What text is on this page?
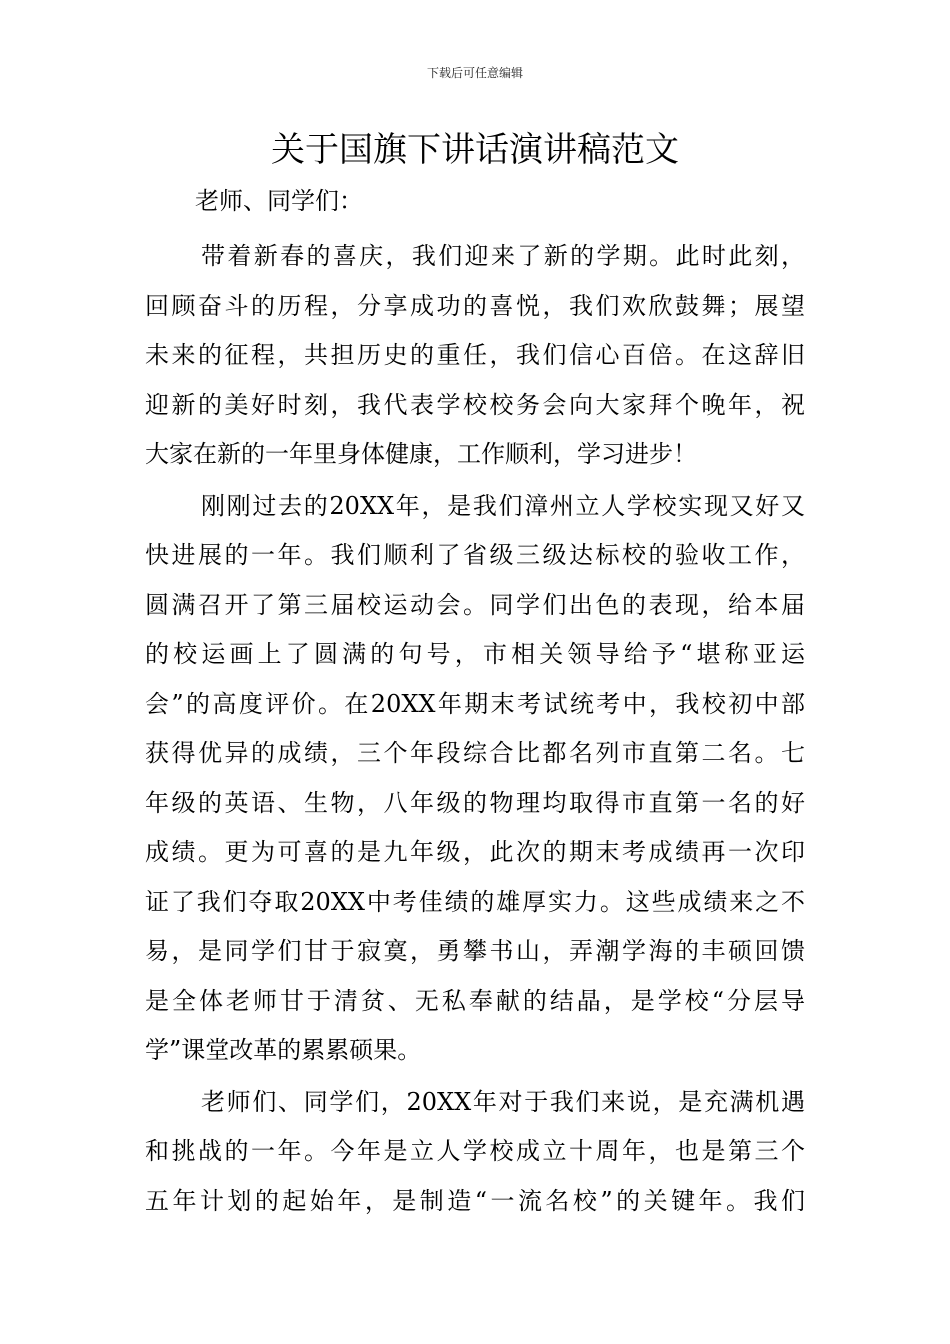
下载后可任意编辑
关于国旗下讲话演讲稿范文

老师、同学们：

带着新春的喜庆，我们迎来了新的学期。此时此刻，
回顾奋斗的历程，分享成功的喜悦，我们欢欣鼓舞；展望
未来的征程，共担历史的重任，我们信心百倍。在这辞旧
迎新的美好时刻，我代表学校校务会向大家拜个晚年，祝
大家在新的一年里身体健康，工作顺利，学习进步！
刚刚过去的20XX年，是我们漳州立人学校实现又好又
快进展的一年。我们顺利了省级三级达标校的验收工作，
圆满召开了第三届校运动会。同学们出色的表现，给本届
的校运画上了圆满的句号，市相关领导给予“堪称亚运
会”的高度评价。在20XX年期末考试统考中，我校初中部
获得优异的成绩，三个年段综合比都名列市直第二名。七
年级的英语、生物，八年级的物理均取得市直第一名的好
成绩。更为可喜的是九年级，此次的期末考成绩再一次印
证了我们夺取20XX中考佳绩的雄厚实力。这些成绩来之不
易，是同学们甘于寂寞，勇攀书山，弄潮学海的丰硕回馈
是全体老师甘于清贫、无私奉献的结晶，是学校“分层导
学”课堂改革的累累硕果。
老师们、同学们，20XX年对于我们来说，是充满机遇
和挑战的一年。今年是立人学校成立十周年，也是第三个
五年计划的起始年，是制造“一流名校”的关键年。我们
